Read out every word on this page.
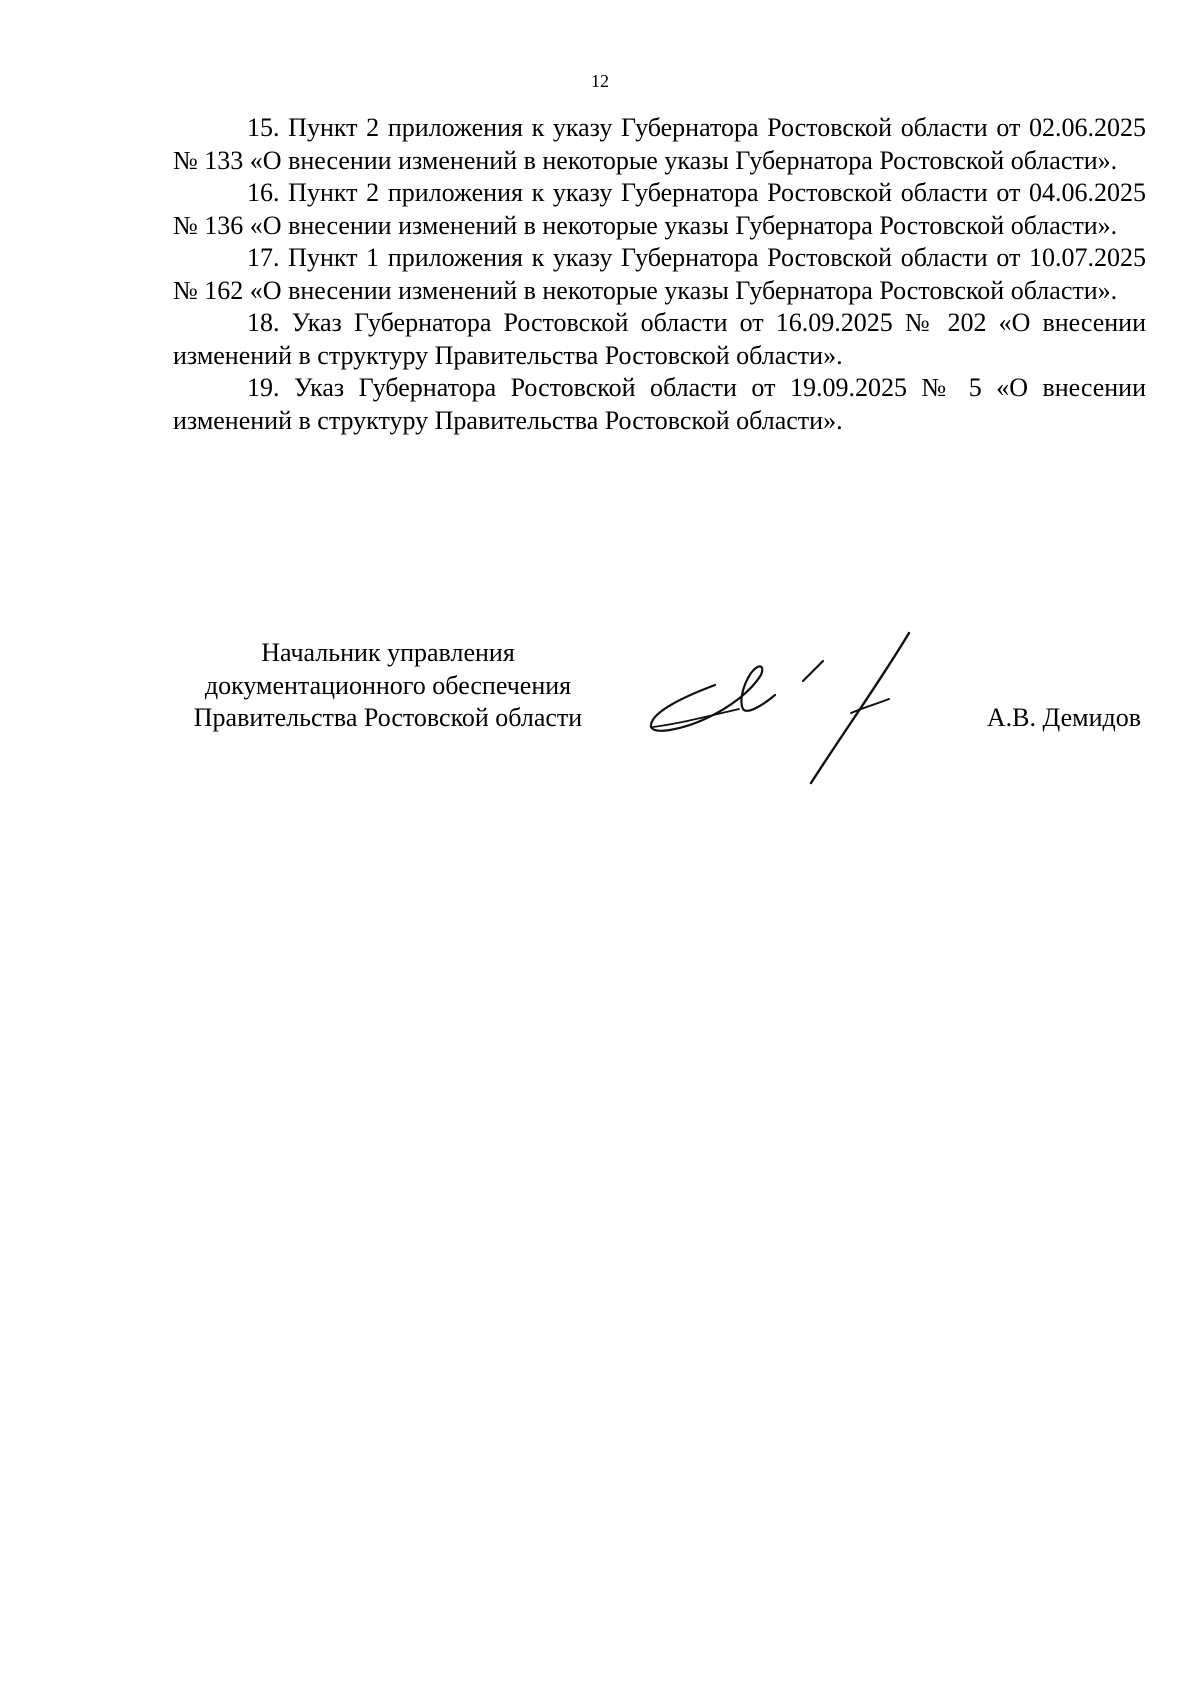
12

15. Пункт 2 приложения к указу Губернатора Ростовской области от 02.06.2025 № 133 «О внесении изменений в некоторые указы Губернатора Ростовской области».

16. Пункт 2 приложения к указу Губернатора Ростовской области от 04.06.2025 № 136 «О внесении изменений в некоторые указы Губернатора Ростовской области».

17. Пункт 1 приложения к указу Губернатора Ростовской области от 10.07.2025 № 162 «О внесении изменений в некоторые указы Губернатора Ростовской области».

18. Указ Губернатора Ростовской области от 16.09.2025 № 202 «О внесении изменений в структуру Правительства Ростовской области».

19. Указ Губернатора Ростовской области от 19.09.2025 № 5 «О внесении изменений в структуру Правительства Ростовской области».

Начальник управления
документационного обеспечения
Правительства Ростовской области	А.В. Демидов
